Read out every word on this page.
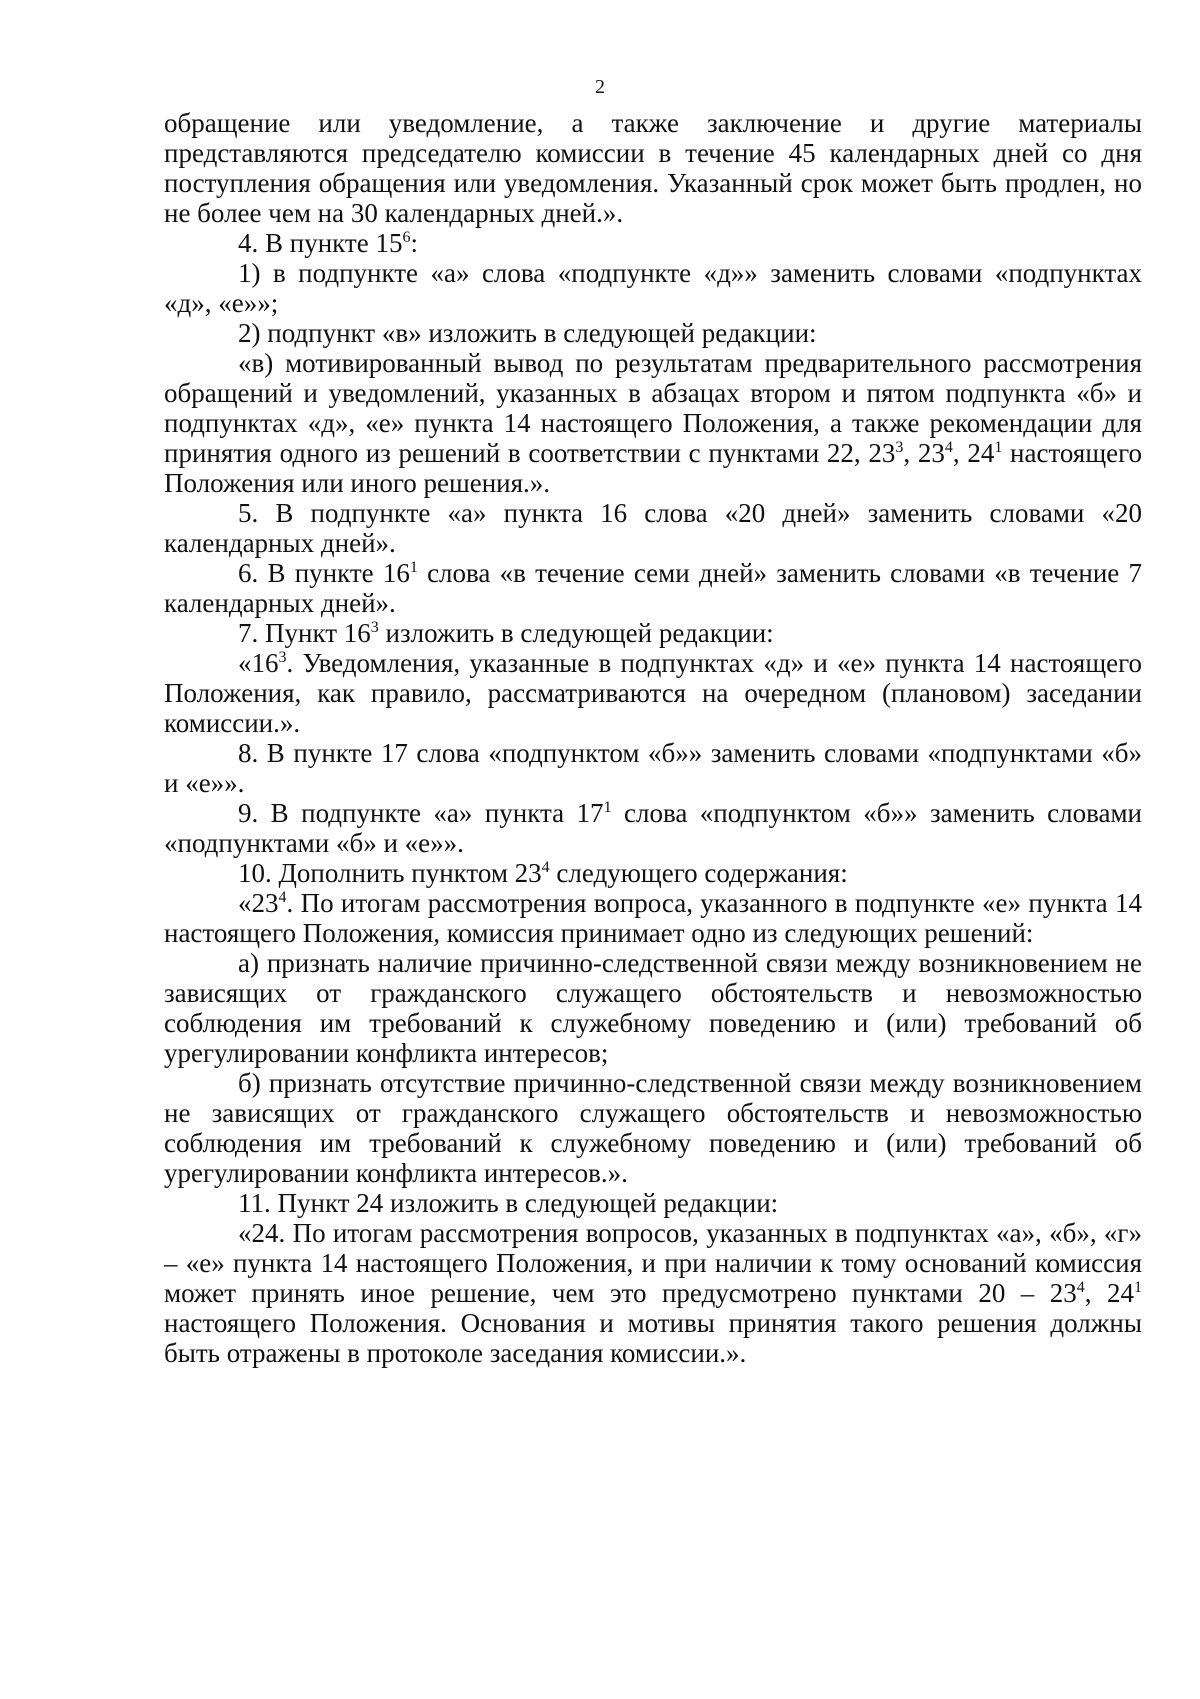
2

обращение или уведомление, а также заключение и другие материалы представляются председателю комиссии в течение 45 календарных дней со дня поступления обращения или уведомления. Указанный срок может быть продлен, но не более чем на 30 календарных дней.».

4. В пункте $15^6$:

1) в подпункте «а» слова «подпункте «д»» заменить словами «подпунктах «д», «е»»;

2) подпункт «в» изложить в следующей редакции:

«в) мотивированный вывод по результатам предварительного рассмотрения обращений и уведомлений, указанных в абзацах втором и пятом подпункта «б» и подпунктах «д», «е» пункта 14 настоящего Положения, а также рекомендации для принятия одного из решений в соответствии с пунктами 22, $23^3$, $23^4$, $24^1$ настоящего Положения или иного решения.».

5. В подпункте «а» пункта 16 слова «20 дней» заменить словами «20 календарных дней».

6. В пункте $16^1$ слова «в течение семи дней» заменить словами «в течение 7 календарных дней».

7. Пункт $16^3$ изложить в следующей редакции:

«$16^3$. Уведомления, указанные в подпунктах «д» и «е» пункта 14 настоящего Положения, как правило, рассматриваются на очередном (плановом) заседании комиссии.».

8. В пункте 17 слова «подпунктом «б»» заменить словами «подпунктами «б» и «е»».

9. В подпункте «а» пункта $17^1$ слова «подпунктом «б»» заменить словами «подпунктами «б» и «е»».

10. Дополнить пунктом $23^4$ следующего содержания:

«$23^4$. По итогам рассмотрения вопроса, указанного в подпункте «е» пункта 14 настоящего Положения, комиссия принимает одно из следующих решений:

а) признать наличие причинно-следственной связи между возникновением не зависящих от гражданского служащего обстоятельств и невозможностью соблюдения им требований к служебному поведению и (или) требований об урегулировании конфликта интересов;

б) признать отсутствие причинно-следственной связи между возникновением не зависящих от гражданского служащего обстоятельств и невозможностью соблюдения им требований к служебному поведению и (или) требований об урегулировании конфликта интересов.».

11. Пункт 24 изложить в следующей редакции:

«24. По итогам рассмотрения вопросов, указанных в подпунктах «а», «б», «г» – «е» пункта 14 настоящего Положения, и при наличии к тому оснований комиссия может принять иное решение, чем это предусмотрено пунктами $20 - 23^4$, $24^1$ настоящего Положения. Основания и мотивы принятия такого решения должны быть отражены в протоколе заседания комиссии.».
